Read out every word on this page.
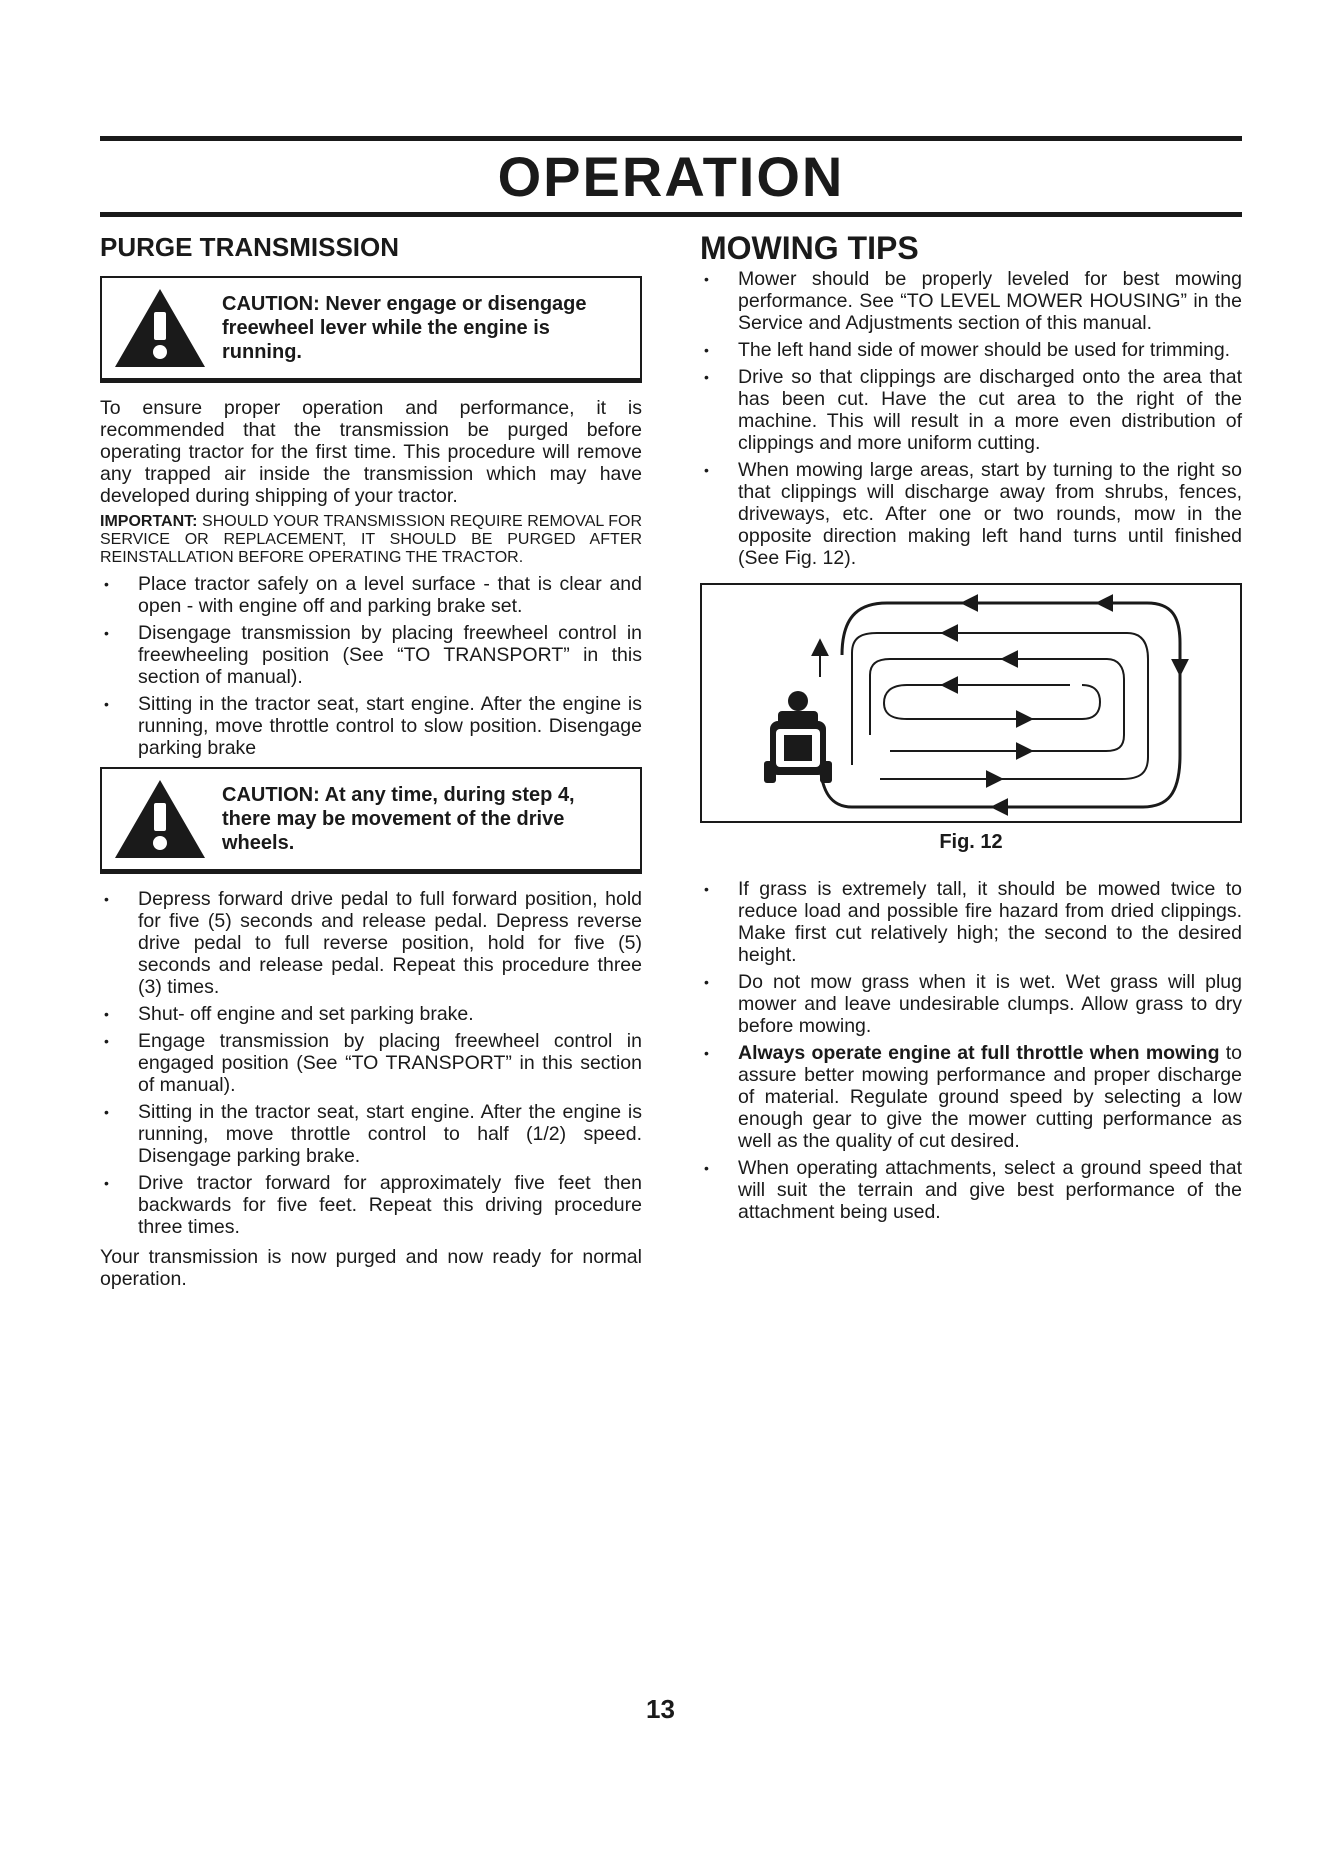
OPERATION
PURGE TRANSMISSION
CAUTION: Never engage or disengage freewheel lever while the engine is running.

To ensure proper operation and performance, it is recommended that the transmission be purged before operating tractor for the first time. This procedure will remove any trapped air inside the transmission which may have developed during shipping of your tractor.

IMPORTANT: SHOULD YOUR TRANSMISSION REQUIRE REMOVAL FOR SERVICE OR REPLACEMENT, IT SHOULD BE PURGED AFTER REINSTALLATION BEFORE OPERATING THE TRACTOR.

• Place tractor safely on a level surface - that is clear and open - with engine off and parking brake set.
• Disengage transmission by placing freewheel control in freewheeling position (See “TO TRANSPORT” in this section of manual).
• Sitting in the tractor seat, start engine. After the engine is running, move throttle control to slow position. Disengage parking brake
CAUTION: At any time, during step 4, there may be movement of the drive wheels.
• Depress forward drive pedal to full forward position, hold for five (5) seconds and release pedal. Depress reverse drive pedal to full reverse position, hold for five (5) seconds and release pedal. Repeat this procedure three (3) times.
• Shut- off engine and set parking brake.
• Engage transmission by placing freewheel control in engaged position (See “TO TRANSPORT” in this section of manual).
• Sitting in the tractor seat, start engine. After the engine is running, move throttle control to half (1/2) speed. Disengage parking brake.
• Drive tractor forward for approximately five feet then backwards for five feet. Repeat this driving procedure three times.

Your transmission is now purged and now ready for normal operation.

MOWING TIPS
• Mower should be properly leveled for best mowing performance. See “TO LEVEL MOWER HOUSING” in the Service and Adjustments section of this manual.
• The left hand side of mower should be used for trimming.
• Drive so that clippings are discharged onto the area that has been cut. Have the cut area to the right of the machine. This will result in a more even distribution of clippings and more uniform cutting.
• When mowing large areas, start by turning to the right so that clippings will discharge away from shrubs, fences, driveways, etc. After one or two rounds, mow in the opposite direction making left hand turns until finished (See Fig. 12).
Fig. 12
• If grass is extremely tall, it should be mowed twice to reduce load and possible fire hazard from dried clippings. Make first cut relatively high; the second to the desired height.
• Do not mow grass when it is wet. Wet grass will plug mower and leave undesirable clumps. Allow grass to dry before mowing.
• Always operate engine at full throttle when mowing to assure better mowing performance and proper discharge of material. Regulate ground speed by selecting a low enough gear to give the mower cutting performance as well as the quality of cut desired.
• When operating attachments, select a ground speed that will suit the terrain and give best performance of the attachment being used.
13
